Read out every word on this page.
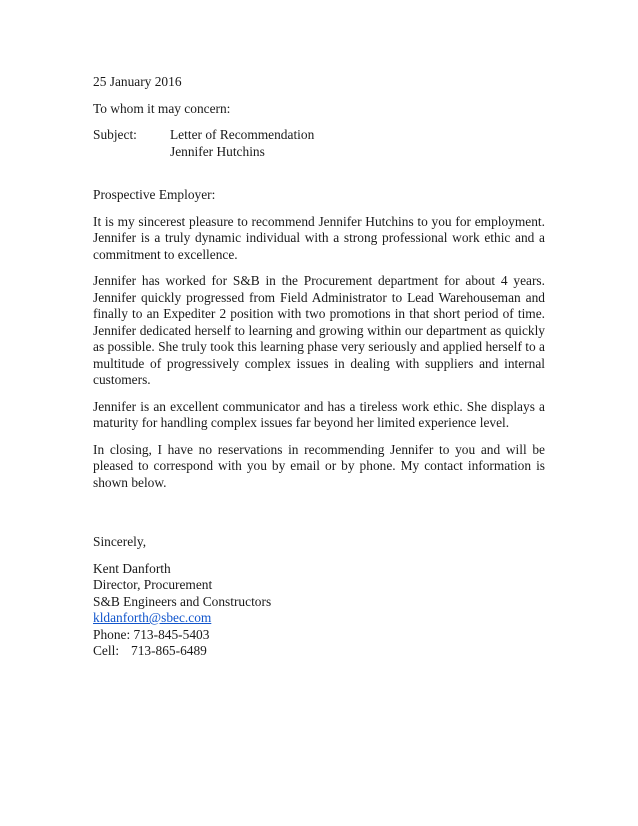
25 January 2016
To whom it may concern:
Subject:	Letter of Recommendation
Jennifer Hutchins
Prospective Employer:

It is my sincerest pleasure to recommend Jennifer Hutchins to you for employment. Jennifer is a truly dynamic individual with a strong professional work ethic and a commitment to excellence.

Jennifer has worked for S&B in the Procurement department for about 4 years. Jennifer quickly progressed from Field Administrator to Lead Warehouseman and finally to an Expediter 2 position with two promotions in that short period of time. Jennifer dedicated herself to learning and growing within our department as quickly as possible. She truly took this learning phase very seriously and applied herself to a multitude of progressively complex issues in dealing with suppliers and internal customers.

Jennifer is an excellent communicator and has a tireless work ethic. She displays a maturity for handling complex issues far beyond her limited experience level.

In closing, I have no reservations in recommending Jennifer to you and will be pleased to correspond with you by email or by phone. My contact information is shown below.

Sincerely,
Kent Danforth
Director, Procurement
S&B Engineers and Constructors
kldanforth@sbec.com
Phone: 713-845-5403
Cell: 713-865-6489
